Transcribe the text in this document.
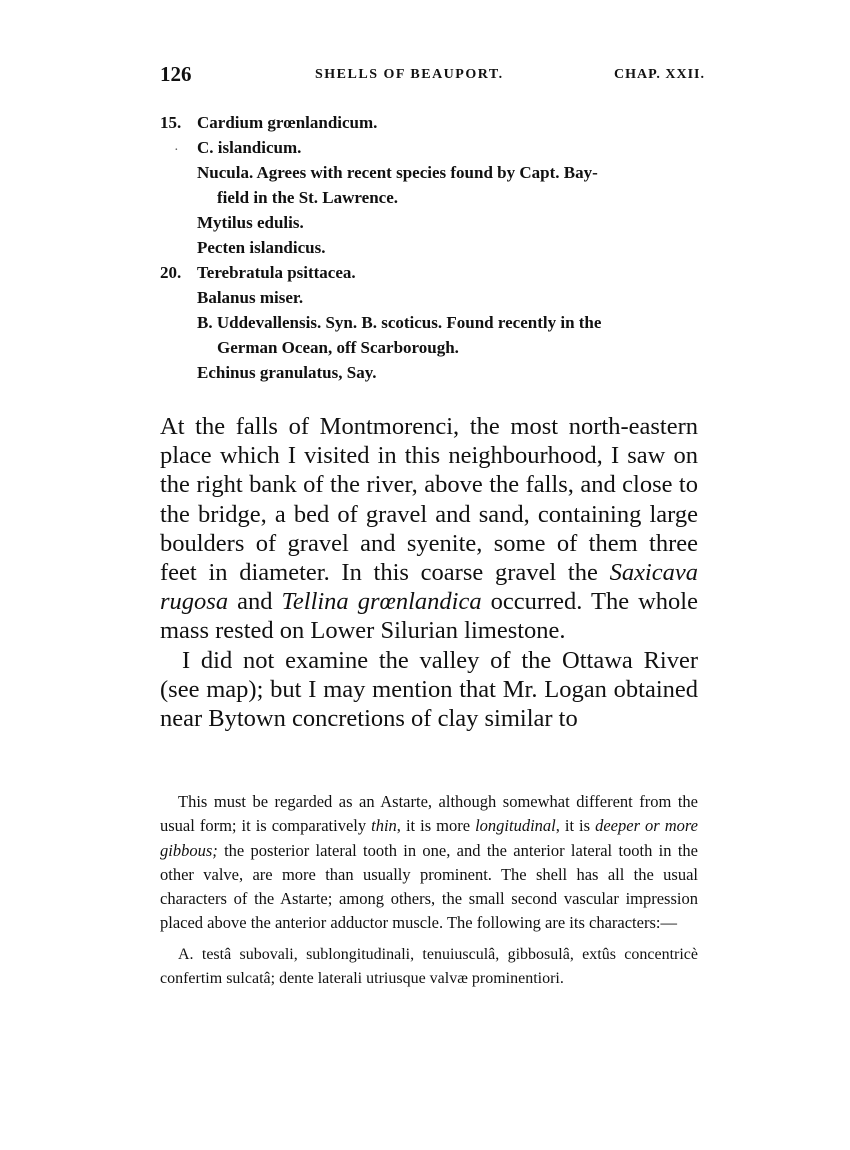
126	SHELLS OF BEAUPORT.	CHAP. XXII.
·
15. Cardium grœnlandicum.
C. islandicum.
Nucula. Agrees with recent species found by Capt. Bay-
field in the St. Lawrence.
Mytilus edulis.
Pecten islandicus.
20. Terebratula psittacea.
Balanus miser.
B. Uddevallensis. Syn. B. scoticus. Found recently in the
German Ocean, off Scarborough.
Echinus granulatus, Say.

At the falls of Montmorenci, the most north-eastern place which I visited in this neighbourhood, I saw on the right bank of the river, above the falls, and close to the bridge, a bed of gravel and sand, containing large boulders of gravel and syenite, some of them three feet in diameter. In this coarse gravel the Saxicava rugosa and Tellina grœnlandica occurred. The whole mass rested on Lower Silurian limestone.

I did not examine the valley of the Ottawa River (see map); but I may mention that Mr. Logan obtained near Bytown concretions of clay similar to

This must be regarded as an Astarte, although somewhat different from the usual form; it is comparatively thin, it is more longitudinal, it is deeper or more gibbous; the posterior lateral tooth in one, and the anterior lateral tooth in the other valve, are more than usually prominent. The shell has all the usual characters of the Astarte; among others, the small second vascular impression placed above the anterior adductor muscle. The following are its characters:—

A. testâ subovali, sublongitudinali, tenuiusculâ, gibbosulâ, extûs concentricè confertim sulcatâ; dente laterali utriusque valvæ prominentiori.
